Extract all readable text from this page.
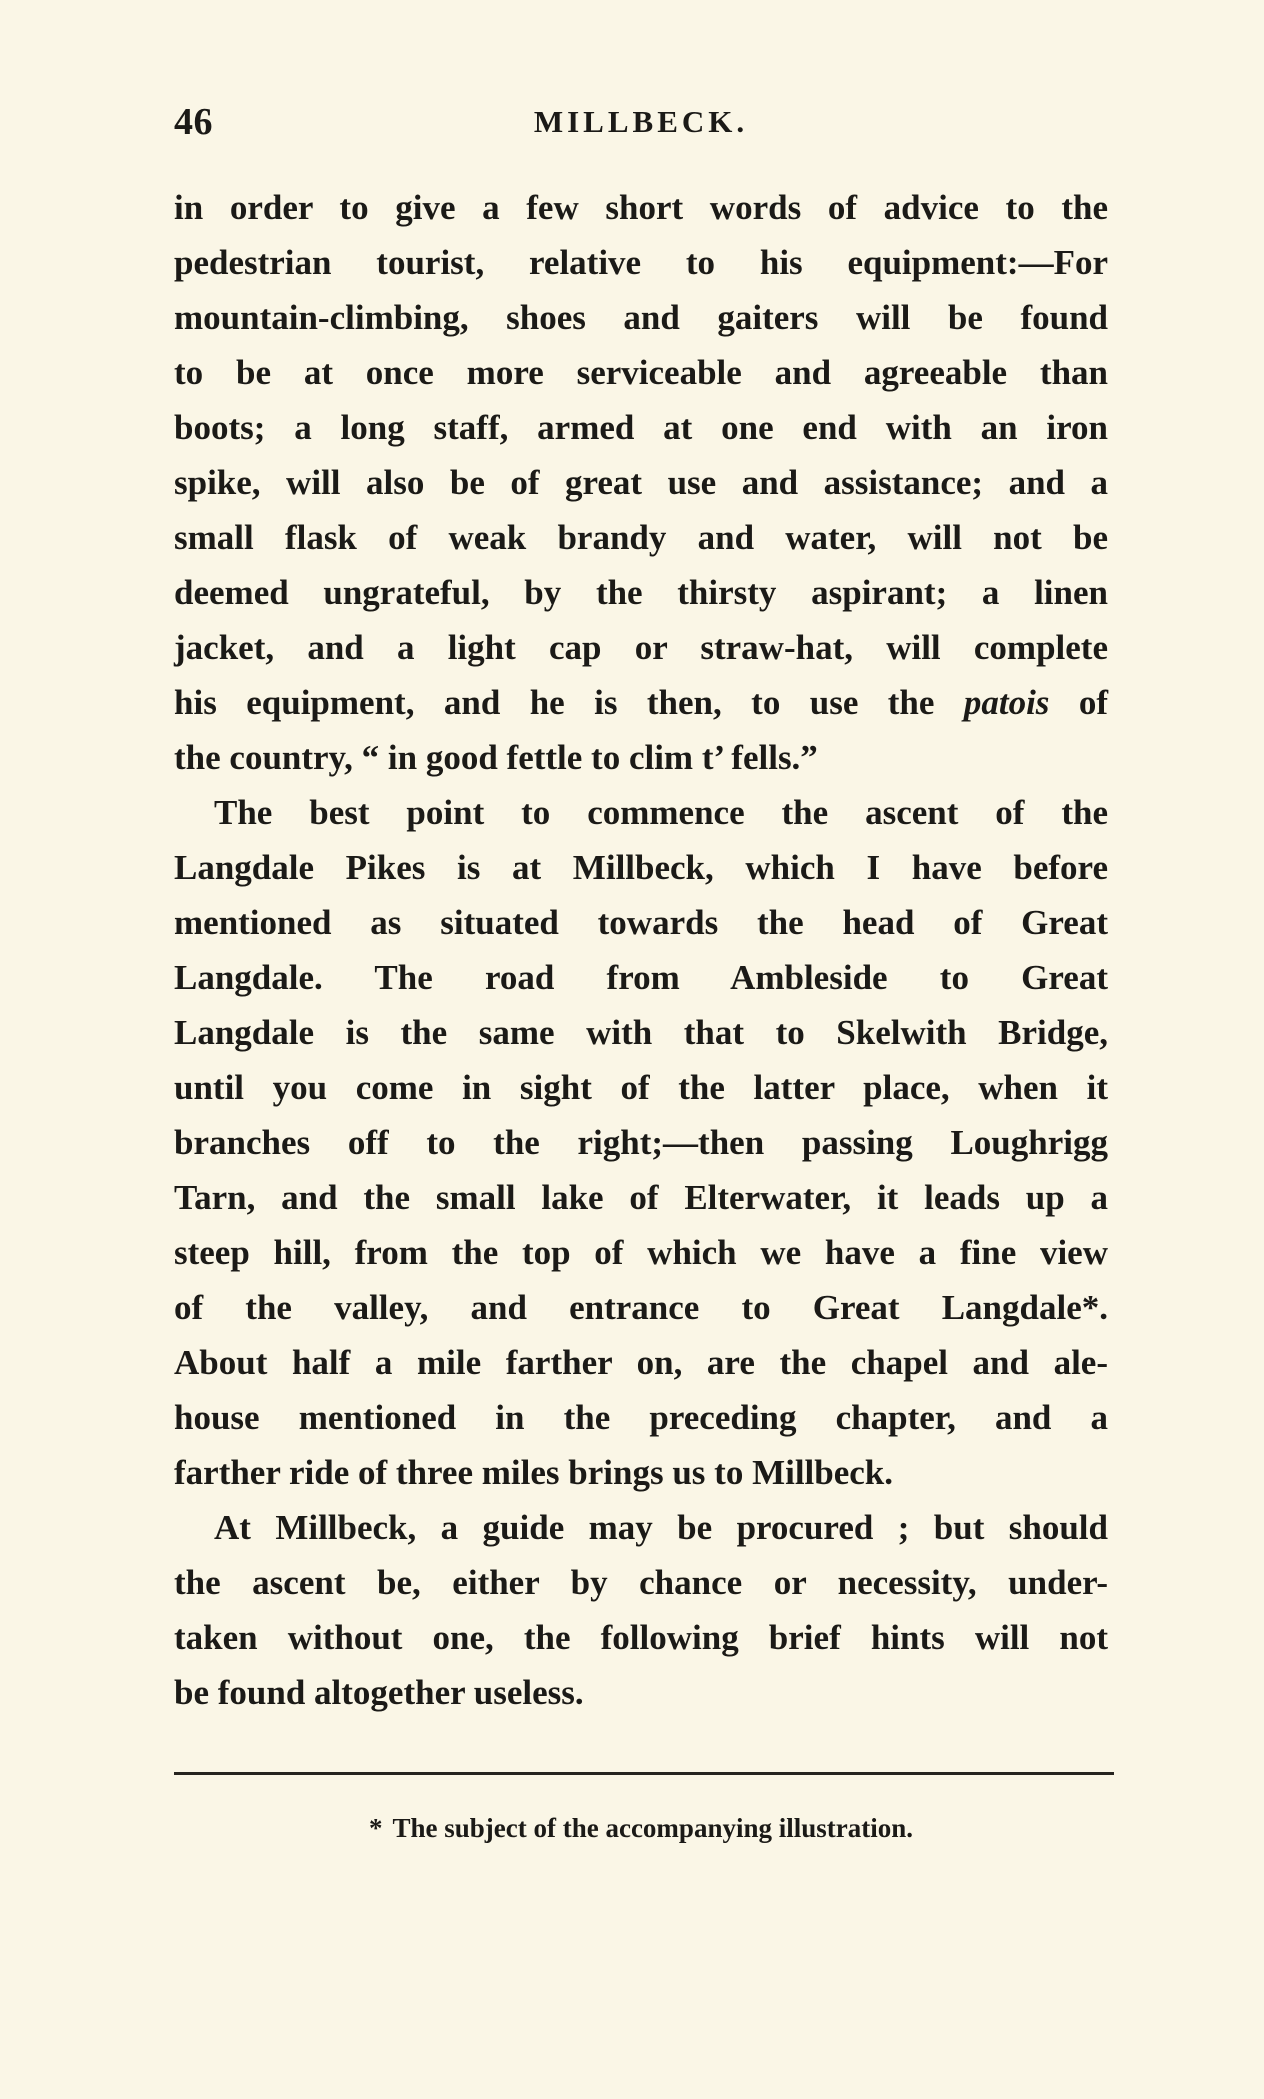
46	MILLBECK.
in order to give a few short words of advice to the
pedestrian tourist, relative to his equipment:—For
mountain-climbing, shoes and gaiters will be found
to be at once more serviceable and agreeable than
boots; a long staff, armed at one end with an iron
spike, will also be of great use and assistance; and a
small flask of weak brandy and water, will not be
deemed ungrateful, by the thirsty aspirant; a linen
jacket, and a light cap or straw-hat, will complete
his equipment, and he is then, to use the patois of
the country, “ in good fettle to clim t’ fells.”
The best point to commence the ascent of the
Langdale Pikes is at Millbeck, which I have before
mentioned as situated towards the head of Great
Langdale. The road from Ambleside to Great
Langdale is the same with that to Skelwith Bridge,
until you come in sight of the latter place, when it
branches off to the right;—then passing Loughrigg
Tarn, and the small lake of Elterwater, it leads up a
steep hill, from the top of which we have a fine view
of the valley, and entrance to Great Langdale*.
About half a mile farther on, are the chapel and ale-
house mentioned in the preceding chapter, and a
farther ride of three miles brings us to Millbeck.
At Millbeck, a guide may be procured ; but should
the ascent be, either by chance or necessity, under-
taken without one, the following brief hints will not
be found altogether useless.
* The subject of the accompanying illustration.
